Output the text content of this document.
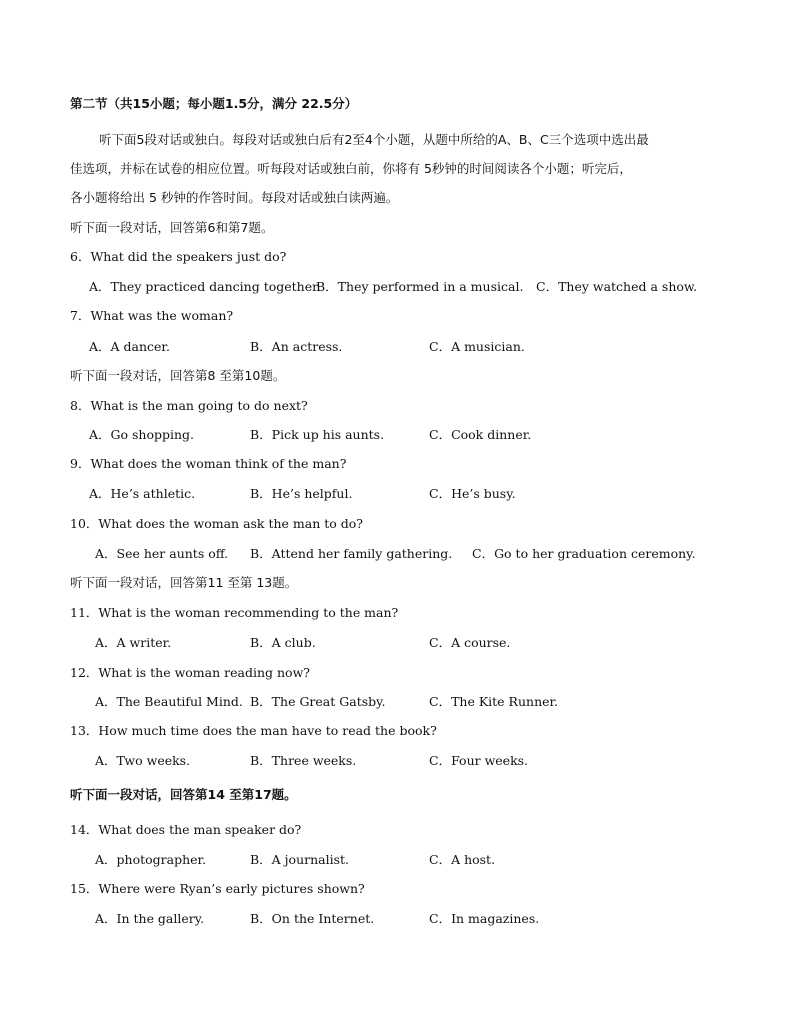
第二节（共15小题；每小题1.5分，满分 22.5分）
听下面5段对话或独白。每段对话或独白后有2至4个小题，从题中所给的A、B、C三个选项中选出最
佳选项，并标在试卷的相应位置。听每段对话或独白前，你将有 5秒钟的时间阅读各个小题；听完后，
各小题将给出 5 秒钟的作答时间。每段对话或独白读两遍。
听下面一段对话，回答第6和第7题。
6．What did the speakers just do?
A．They practiced dancing together.
B．They performed in a musical. C．They watched a show.
7．What was the woman?
A．A dancer.	B．An actress.	C．A musician.
听下面一段对话，回答第8 至第10题。
8．What is the man going to do next?
A．Go shopping.	B．Pick up his aunts.	C．Cook dinner.
9．What does the woman think of the man?
A．He’s athletic.	B．He’s helpful.	C．He’s busy.
10．What does the woman ask the man to do?
A．See her aunts off. B．Attend her family gathering. C．Go to her graduation ceremony.
听下面一段对话，回答第11 至第 13题。
11．What is the woman recommending to the man?
A．A writer.	B．A club.	C．A course.
12．What is the woman reading now?
A．The Beautiful Mind. B．The Great Gatsby.	C．The Kite Runner.
13．How much time does the man have to read the book?
A．Two weeks.	B．Three weeks.	C．Four weeks.
听下面一段对话，回答第14 至第17题。
14．What does the man speaker do?
A．photographer.	B．A journalist.	C．A host.
15．Where were Ryan’s early pictures shown?
A．In the gallery.	B．On the Internet.	C．In magazines.
